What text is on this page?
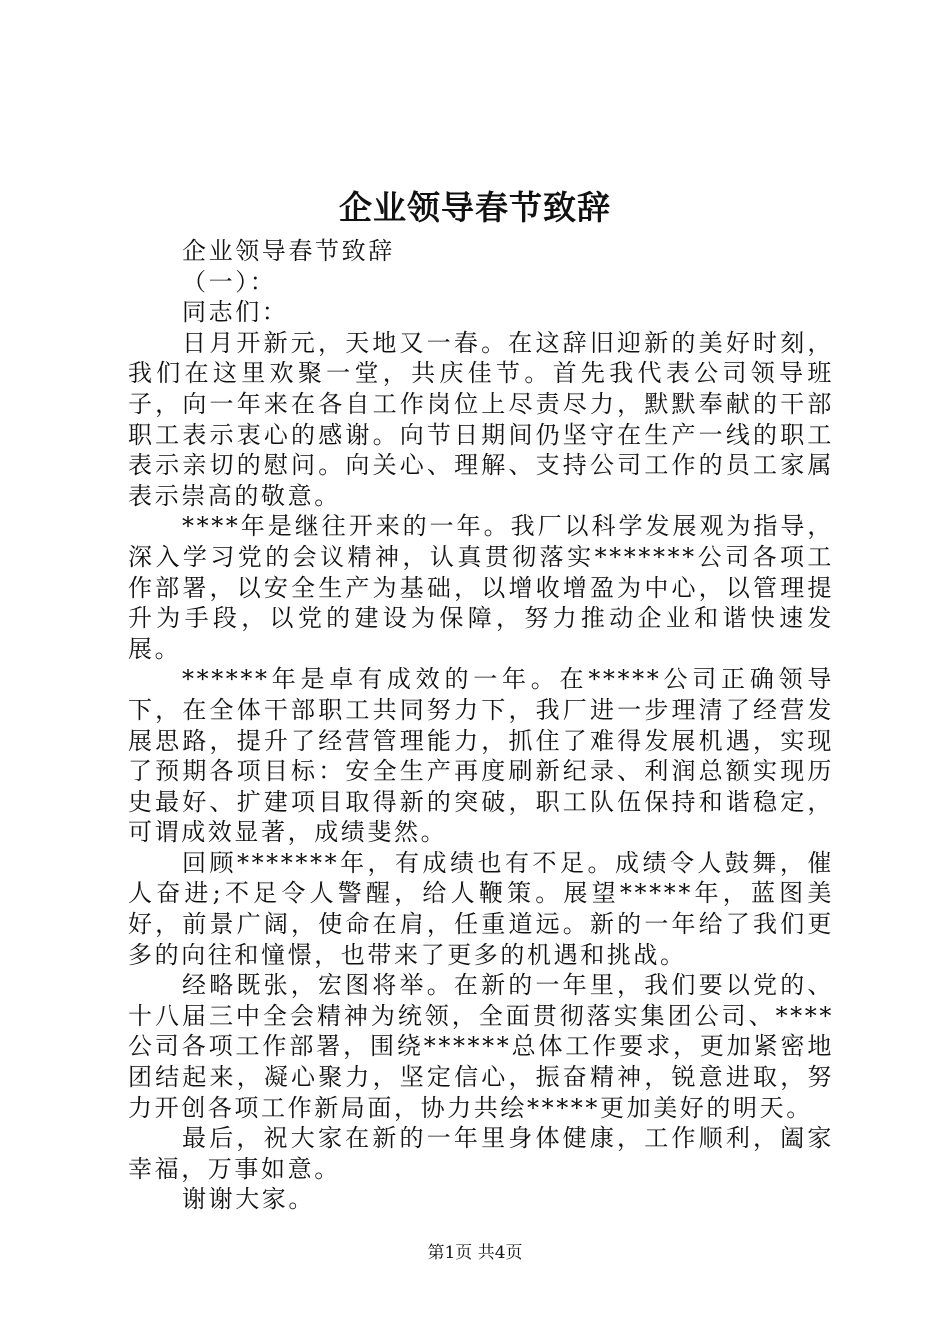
企业领导春节致辞

企业领导春节致辞

（一）：

同志们：

日月开新元，天地又一春。在这辞旧迎新的美好时刻，我们在这里欢聚一堂，共庆佳节。首先我代表公司领导班子，向一年来在各自工作岗位上尽责尽力，默默奉献的干部职工表示衷心的感谢。向节日期间仍坚守在生产一线的职工表示亲切的慰问。向关心、理解、支持公司工作的员工家属表示崇高的敬意。

****年是继往开来的一年。我厂以科学发展观为指导，深入学习党的会议精神，认真贯彻落实*******公司各项工作部署，以安全生产为基础，以增收增盈为中心，以管理提升为手段，以党的建设为保障，努力推动企业和谐快速发展。

******年是卓有成效的一年。在*****公司正确领导下，在全体干部职工共同努力下，我厂进一步理清了经营发展思路，提升了经营管理能力，抓住了难得发展机遇，实现了预期各项目标：安全生产再度刷新纪录、利润总额实现历史最好、扩建项目取得新的突破，职工队伍保持和谐稳定，可谓成效显著，成绩斐然。

回顾*******年，有成绩也有不足。成绩令人鼓舞，催人奋进;不足令人警醒，给人鞭策。展望*****年，蓝图美好，前景广阔，使命在肩，任重道远。新的一年给了我们更多的向往和憧憬，也带来了更多的机遇和挑战。

经略既张，宏图将举。在新的一年里，我们要以党的、十八届三中全会精神为统领，全面贯彻落实集团公司、****公司各项工作部署，围绕******总体工作要求，更加紧密地团结起来，凝心聚力，坚定信心，振奋精神，锐意进取，努力开创各项工作新局面，协力共绘*****更加美好的明天。

最后，祝大家在新的一年里身体健康，工作顺利，阖家幸福，万事如意。

谢谢大家。

第1页 共4页
